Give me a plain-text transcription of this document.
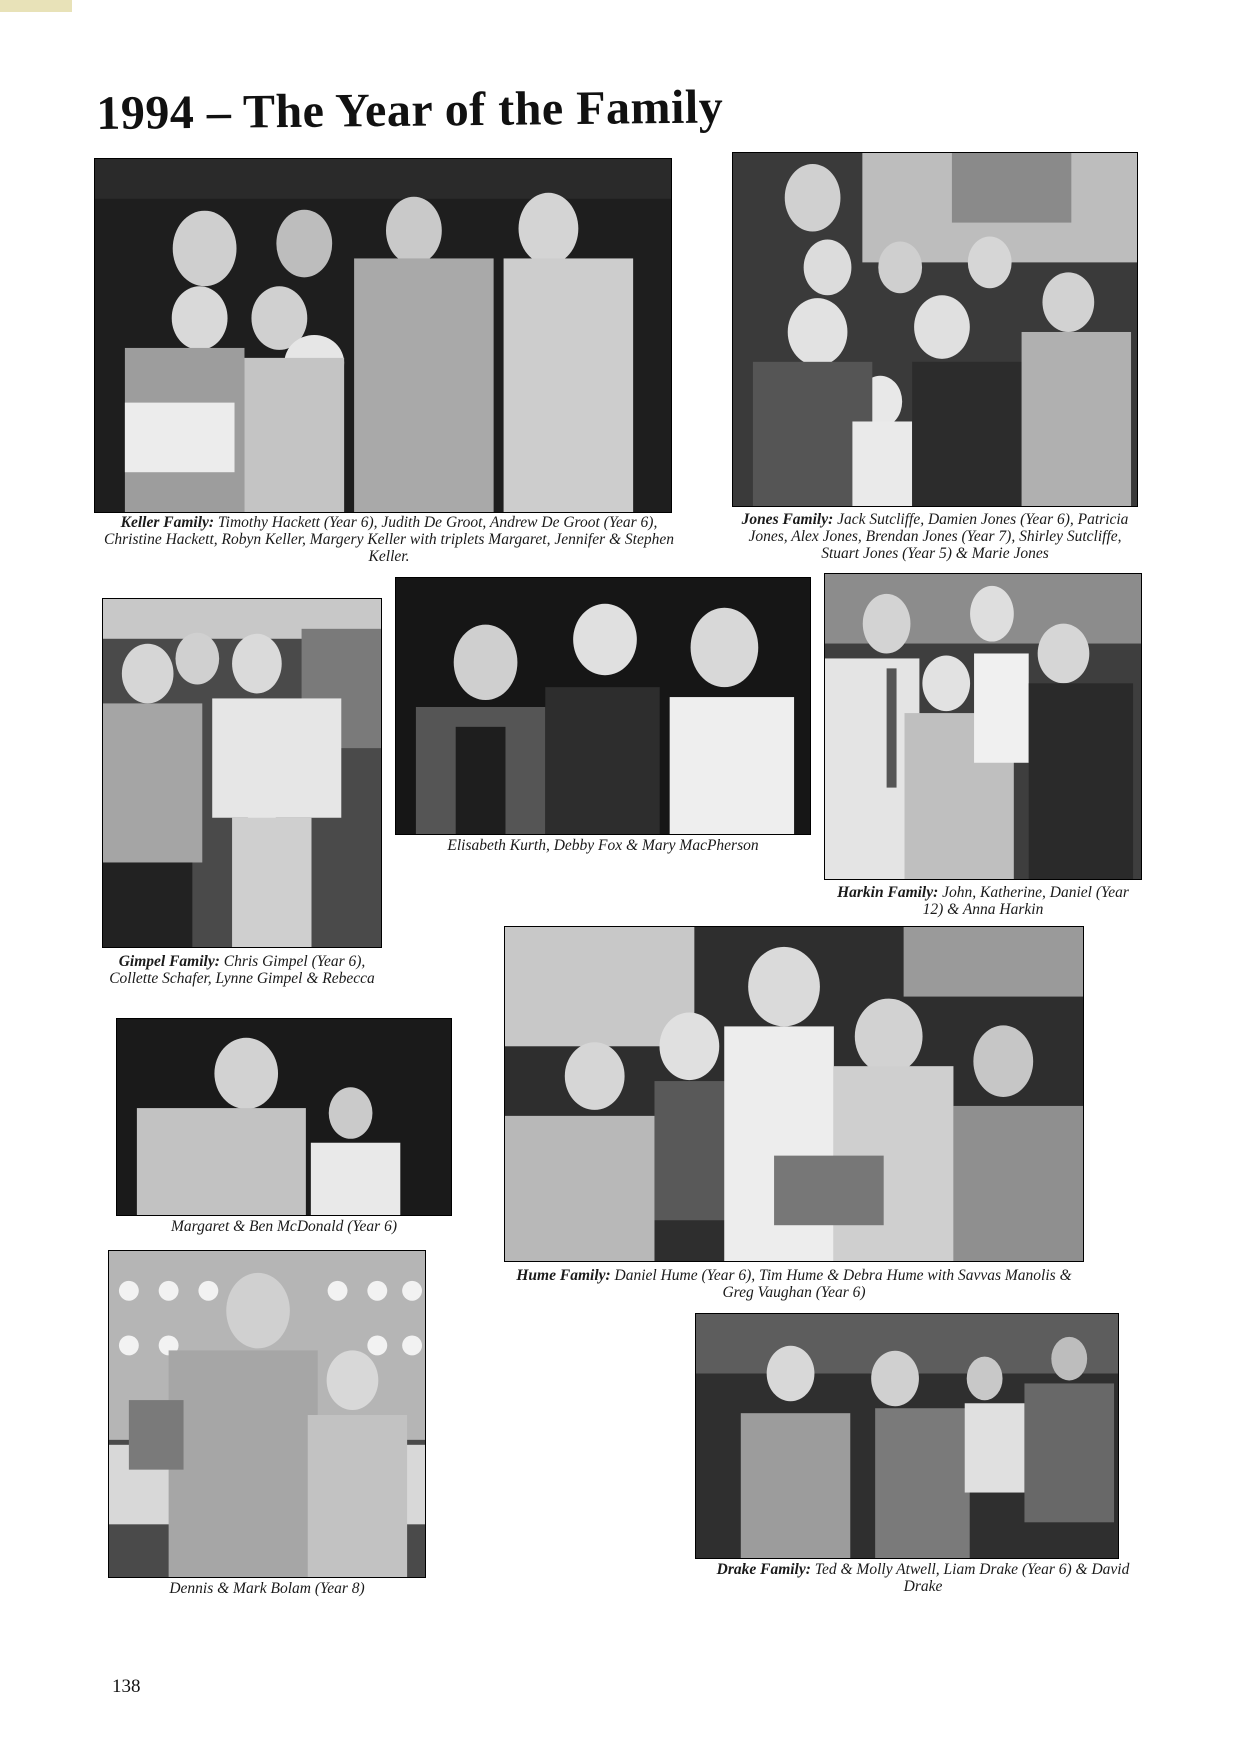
1994 – The Year of the Family
Keller Family: Timothy Hackett (Year 6), Judith De Groot, Andrew De Groot (Year 6), Christine Hackett, Robyn Keller, Margery Keller with triplets Margaret, Jennifer & Stephen Keller.
Jones Family: Jack Sutcliffe, Damien Jones (Year 6), Patricia Jones, Alex Jones, Brendan Jones (Year 7), Shirley Sutcliffe, Stuart Jones (Year 5) & Marie Jones
Gimpel Family: Chris Gimpel (Year 6), Collette Schafer, Lynne Gimpel & Rebecca
Elisabeth Kurth, Debby Fox & Mary MacPherson
Harkin Family: John, Katherine, Daniel (Year 12) & Anna Harkin
Margaret & Ben McDonald (Year 6)
Hume Family: Daniel Hume (Year 6), Tim Hume & Debra Hume with Savvas Manolis & Greg Vaughan (Year 6)
Dennis & Mark Bolam (Year 8)
Drake Family: Ted & Molly Atwell, Liam Drake (Year 6) & David Drake
138
